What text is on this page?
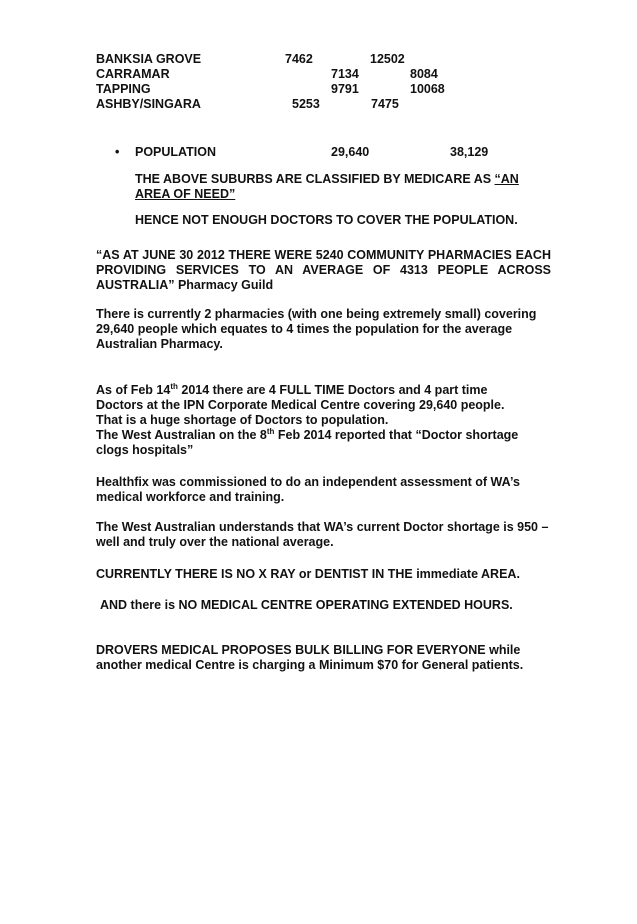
BANKSIA GROVE	7462	12502
CARRAMAR	7134	8084
TAPPING	9791	10068
ASHBY/SINGARA	5253	7475
• POPULATION	29,640	38,129

THE ABOVE SUBURBS ARE CLASSIFIED BY MEDICARE AS “AN AREA OF NEED”

HENCE NOT ENOUGH DOCTORS TO COVER THE POPULATION.

“AS AT JUNE 30 2012 THERE WERE 5240 COMMUNITY PHARMACIES EACH PROVIDING SERVICES TO AN AVERAGE OF 4313 PEOPLE ACROSS AUSTRALIA” Pharmacy Guild

There is currently 2 pharmacies (with one being extremely small) covering 29,640 people which equates to 4 times the population for the average Australian Pharmacy.

As of Feb 14th 2014 there are 4 FULL TIME Doctors and 4 part time

Doctors at the IPN Corporate Medical Centre covering 29,640 people.

That is a huge shortage of Doctors to population.

The West Australian on the 8th Feb 2014 reported that “Doctor shortage

clogs hospitals”

Healthfix was commissioned to do an independent assessment of WA’s medical workforce and training.

The West Australian understands that WA’s current Doctor shortage is 950 – well and truly over the national average.

CURRENTLY THERE IS NO X RAY or DENTIST IN THE immediate AREA.
AND there is NO MEDICAL CENTRE OPERATING EXTENDED HOURS.

DROVERS MEDICAL PROPOSES BULK BILLING FOR EVERYONE while another medical Centre is charging a Minimum $70 for General patients.
